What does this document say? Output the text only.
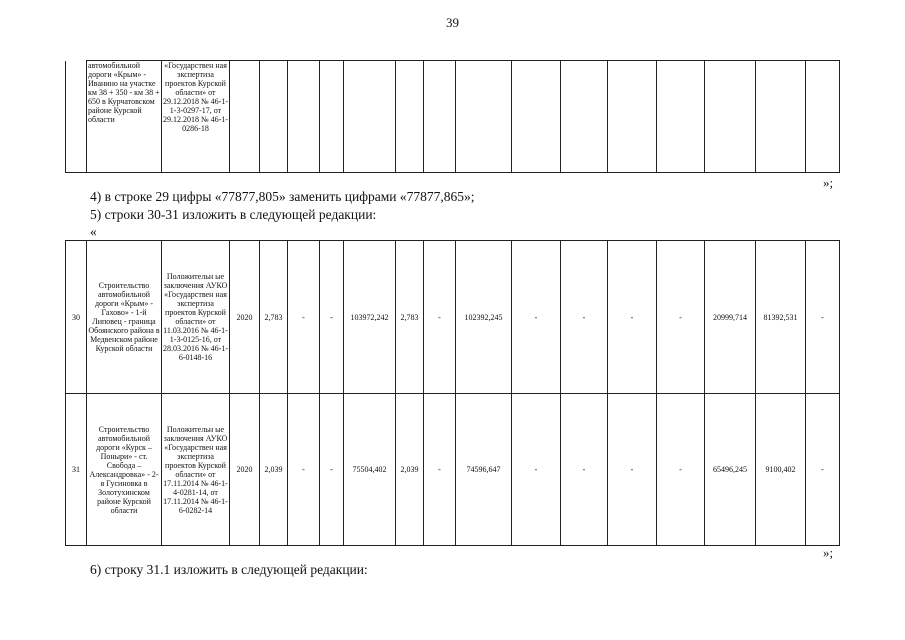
39
	автомобильной дороги «Крым» - Иванино на участке км 38 + 350 - км 38 + 650 в Курчатовском районе Курской области	«Государствен ная экспертиза проектов Курской области» от 29.12.2018 № 46-1-1-3-0297-17, от 29.12.2018 № 46-1-0286-18															
»;
4) в строке 29 цифры «77877,805» заменить цифрами «77877,865»;
5) строки 30-31 изложить в следующей редакции:
«
30	Строительство автомобильной дороги «Крым» - Гахово» - 1-й Липовец - граница Обоянского района в Медвенском районе Курской области	Положительн ые заключения АУКО «Государствен ная экспертиза проектов Курской области» от 11.03.2016 № 46-1-1-3-0125-16, от 28.03.2016 № 46-1-6-0148-16	2020	2,783	-	-	103972,242	2,783	-	102392,245	-	-	-	-	20999,714	81392,531	-
31	Строительство автомобильной дороги «Курск – Поныри» - ст. Свобода – Александровка» - 2-я Гусиновка в Золотухинском районе Курской области	Положительн ые заключения АУКО «Государствен ная экспертиза проектов Курской области» от 17.11.2014 № 46-1-4-0281-14, от 17.11.2014 № 46-1-6-0282-14	2020	2,039	-	-	75504,402	2,039	-	74596,647	-	-	-	-	65496,245	9100,402	-
»;
6) строку 31.1 изложить в следующей редакции:
